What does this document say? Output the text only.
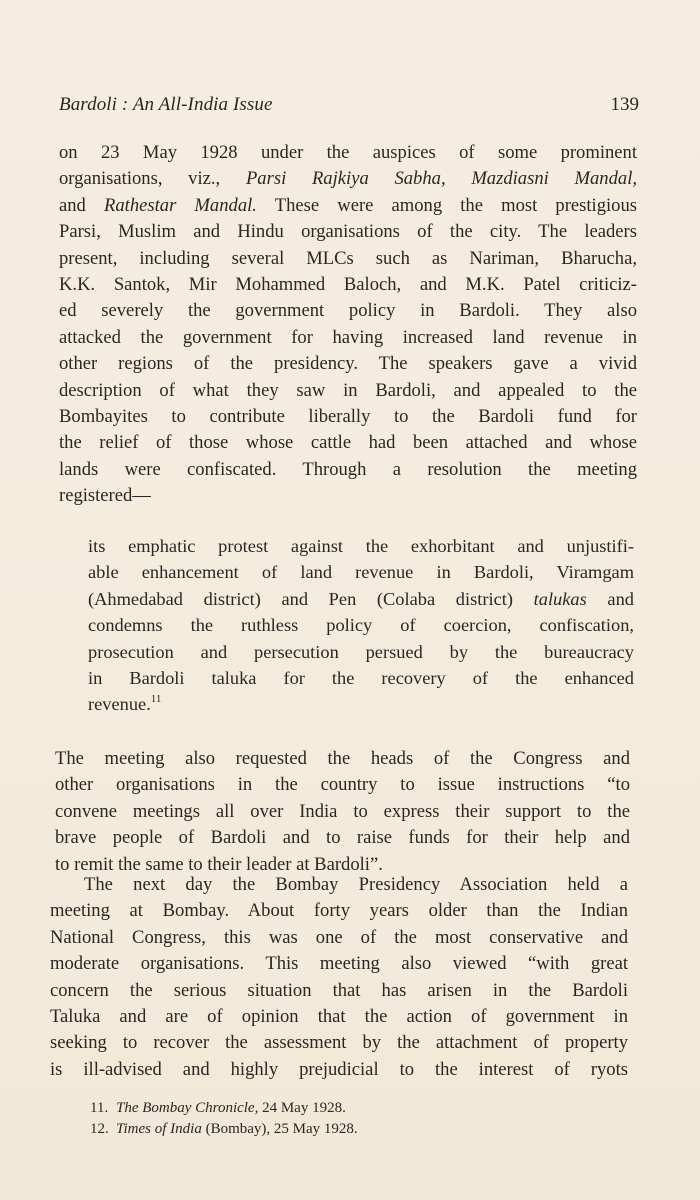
Bardoli : An All-India Issue	139
on 23 May 1928 under the auspices of some prominent
organisations, viz., Parsi Rajkiya Sabha, Mazdiasni Mandal,
and Rathestar Mandal. These were among the most prestigious
Parsi, Muslim and Hindu organisations of the city. The leaders
present, including several MLCs such as Nariman, Bharucha,
K.K. Santok, Mir Mohammed Baloch, and M.K. Patel criticiz-
ed severely the government policy in Bardoli. They also
attacked the government for having increased land revenue in
other regions of the presidency. The speakers gave a vivid
description of what they saw in Bardoli, and appealed to the
Bombayites to contribute liberally to the Bardoli fund for
the relief of those whose cattle had been attached and whose
lands were confiscated. Through a resolution the meeting
registered—
its emphatic protest against the exhorbitant and unjustifi-
able enhancement of land revenue in Bardoli, Viramgam
(Ahmedabad district) and Pen (Colaba district) talukas and
condemns the ruthless policy of coercion, confiscation,
prosecution and persecution persued by the bureaucracy
in Bardoli taluka for the recovery of the enhanced
revenue.$^{11}$
The meeting also requested the heads of the Congress and
other organisations in the country to issue instructions “to
convene meetings all over India to express their support to the
brave people of Bardoli and to raise funds for their help and
to remit the same to their leader at Bardoli”.
The next day the Bombay Presidency Association held a
meeting at Bombay. About forty years older than the Indian
National Congress, this was one of the most conservative and
moderate organisations. This meeting also viewed “with great
concern the serious situation that has arisen in the Bardoli
Taluka and are of opinion that the action of government in
seeking to recover the assessment by the attachment of property
is ill-advised and highly prejudicial to the interest of ryots
11. The Bombay Chronicle, 24 May 1928.
12. Times of India (Bombay), 25 May 1928.
